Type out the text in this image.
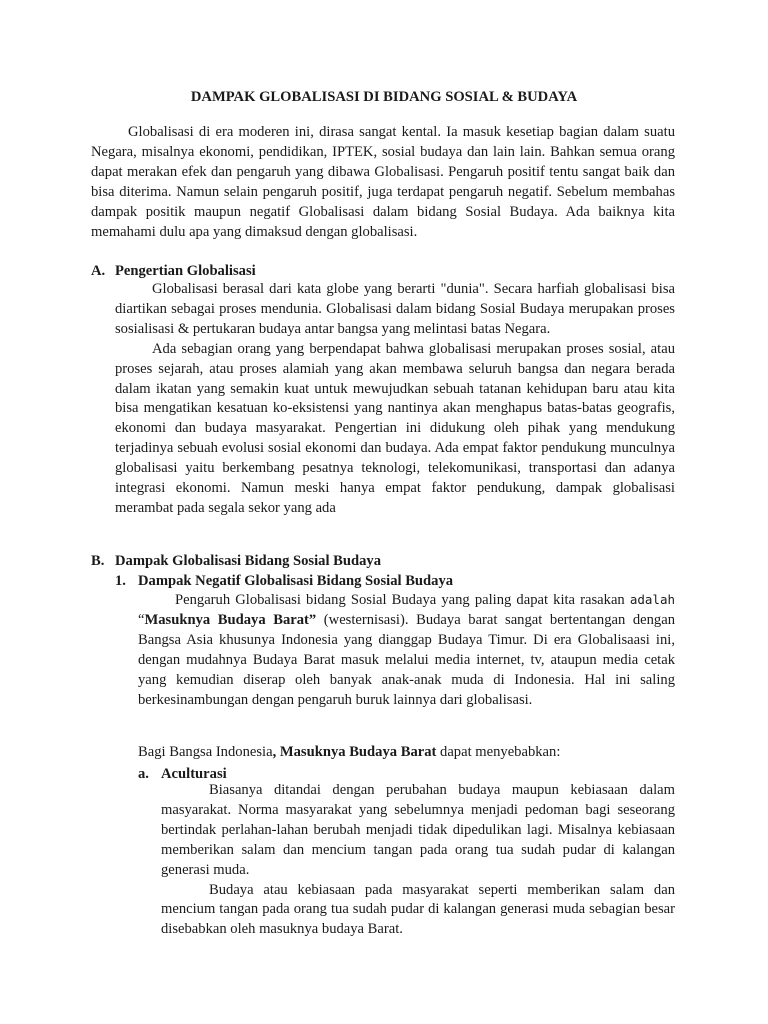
DAMPAK GLOBALISASI DI BIDANG SOSIAL & BUDAYA

Globalisasi di era moderen ini, dirasa sangat kental. Ia masuk kesetiap bagian dalam suatu Negara, misalnya ekonomi, pendidikan, IPTEK, sosial budaya dan lain lain. Bahkan semua orang dapat merakan efek dan pengaruh yang dibawa Globalisasi. Pengaruh positif tentu sangat baik dan bisa diterima. Namun selain pengaruh positif, juga terdapat pengaruh negatif. Sebelum membahas dampak positik maupun negatif Globalisasi dalam bidang Sosial Budaya. Ada baiknya kita memahami dulu apa yang dimaksud dengan globalisasi.

A. Pengertian Globalisasi

Globalisasi berasal dari kata globe yang berarti "dunia". Secara harfiah globalisasi bisa diartikan sebagai proses mendunia. Globalisasi dalam bidang Sosial Budaya merupakan proses sosialisasi & pertukaran budaya antar bangsa yang melintasi batas Negara.

Ada sebagian orang yang berpendapat bahwa globalisasi merupakan proses sosial, atau proses sejarah, atau proses alamiah yang akan membawa seluruh bangsa dan negara berada dalam ikatan yang semakin kuat untuk mewujudkan sebuah tatanan kehidupan baru atau kita bisa mengatikan kesatuan ko-eksistensi yang nantinya akan menghapus batas-batas geografis, ekonomi dan budaya masyarakat. Pengertian ini didukung oleh pihak yang mendukung terjadinya sebuah evolusi sosial ekonomi dan budaya. Ada empat faktor pendukung munculnya globalisasi yaitu berkembang pesatnya teknologi, telekomunikasi, transportasi dan adanya integrasi ekonomi. Namun meski hanya empat faktor pendukung, dampak globalisasi merambat pada segala sekor yang ada

B. Dampak Globalisasi Bidang Sosial Budaya
1. Dampak Negatif Globalisasi Bidang Sosial Budaya

Pengaruh Globalisasi bidang Sosial Budaya yang paling dapat kita rasakan adalah “Masuknya Budaya Barat” (westernisasi). Budaya barat sangat bertentangan dengan Bangsa Asia khusunya Indonesia yang dianggap Budaya Timur. Di era Globalisaasi ini, dengan mudahnya Budaya Barat masuk melalui media internet, tv, ataupun media cetak yang kemudian diserap oleh banyak anak-anak muda di Indonesia. Hal ini saling berkesinambungan dengan pengaruh buruk lainnya dari globalisasi.

Bagi Bangsa Indonesia, Masuknya Budaya Barat dapat menyebabkan:
a. Aculturasi

Biasanya ditandai dengan perubahan budaya maupun kebiasaan dalam masyarakat. Norma masyarakat yang sebelumnya menjadi pedoman bagi seseorang bertindak perlahan-lahan berubah menjadi tidak dipedulikan lagi. Misalnya kebiasaan memberikan salam dan mencium tangan pada orang tua sudah pudar di kalangan generasi muda.

Budaya atau kebiasaan pada masyarakat seperti memberikan salam dan mencium tangan pada orang tua sudah pudar di kalangan generasi muda sebagian besar disebabkan oleh masuknya budaya Barat.
